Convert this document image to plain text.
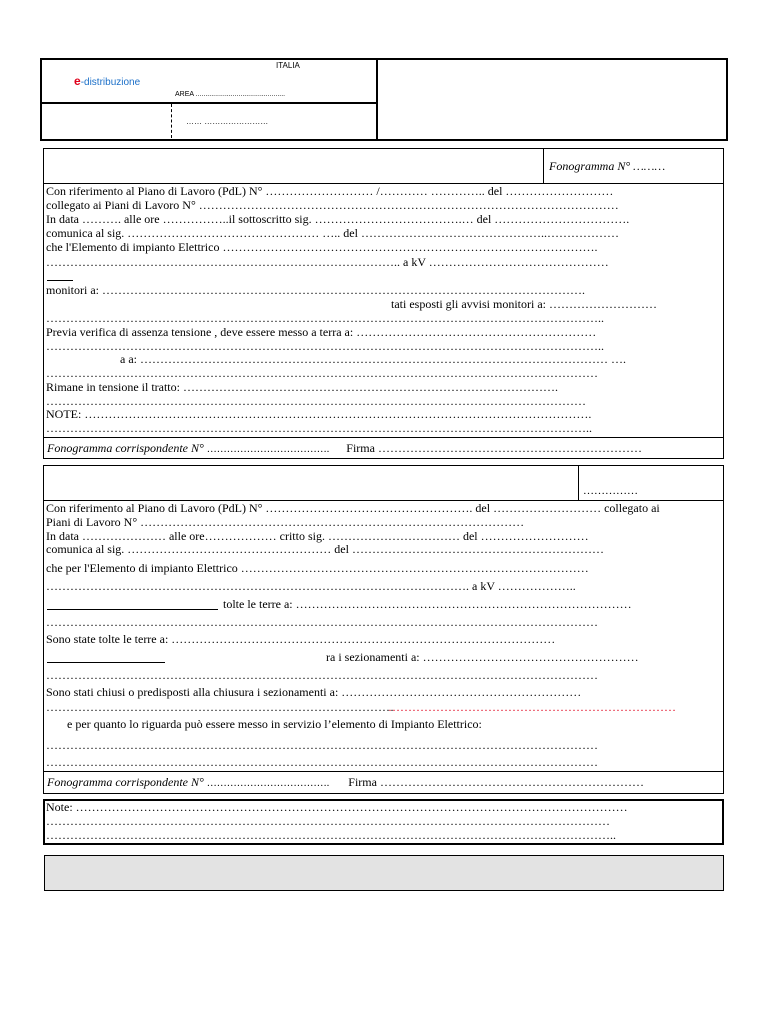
ITALIA
e-distribuzione
AREA ..............................................
…… ……………………
Fonogramma N° ………

Con riferimento al Piano di Lavoro (PdL) N° ……………………… /………… ………….. del ………………………

collegato ai Piani di Lavoro N° ……………………………………………………………………………………………

In data ………. alle ore ……………..il sottoscritto sig. ……………………………….… del …………………………….

comunica al sig. ………………………………………… ….. del ………………………………………..………………

che l'Elemento di impianto Elettrico ………………………………………………………………………………….

…………………………………………………………………………….. a kV ………………………………………

monitori a: ………………………………………………………………………………………………………….

tati esposti gli avvisi monitori a: ………………………

…………………………………………………………………………………………………………………………..

Previa verifica di assenza tensione , deve essere messo a terra a: ……………………………………………………

…………………………………………………………………………………………………………………………..

a a: ……………………………………………………………………………………………………… ….

…………………………………………………………………………………………………………………………

Rimane in tensione il tratto: ………………………………………………………………………………….

………………………………………………………………………………………………………………………

NOTE: ……………………………………………………………………………………………………………….

………………………………………………………………………………………………………………………..

Fonogramma corrispondente N° ………………………………. Firma …………………………………………………………
……………

Con riferimento al Piano di Lavoro (PdL) N° ……………………………………………. del ……………………… collegato ai

Piani di Lavoro N° ……………………………………………………………………………………

In data ………………… alle ore……………… critto sig. …………………………… del ………………………

comunica al sig. …………………………………………… del ………………………………………………………

che per l'Elemento di impianto Elettrico ……………………………………………………………………………

……………………………………………………………………………………………. a kV ………………..

tolte le terre a: …………………………………………………………………………

…………………………………………………………………………………………………………………………

Sono state tolte le terre a: ……………………………………………………………………………………

ra i sezionamenti a: ………………………………………………

…………………………………………………………………………………………………………………………

Sono stati chiusi o predisposti alla chiusura i sezionamenti a: ……………………………………………………

……………………………………………………………………………

………………………………………………………………

e per quanto lo riguarda può essere messo in servizio l’elemento di Impianto Elettrico:

…………………………………………………………………………………………………………………………

…………………………………………………………………………………………………………………………

Fonogramma corrispondente N° ………………………………. Firma …………………………………………………………

Note: …………………………………………………………………………………………………………………………

……………………………………………………………………………………………………………………………

……………………………………………………………………………………………………………………………..
